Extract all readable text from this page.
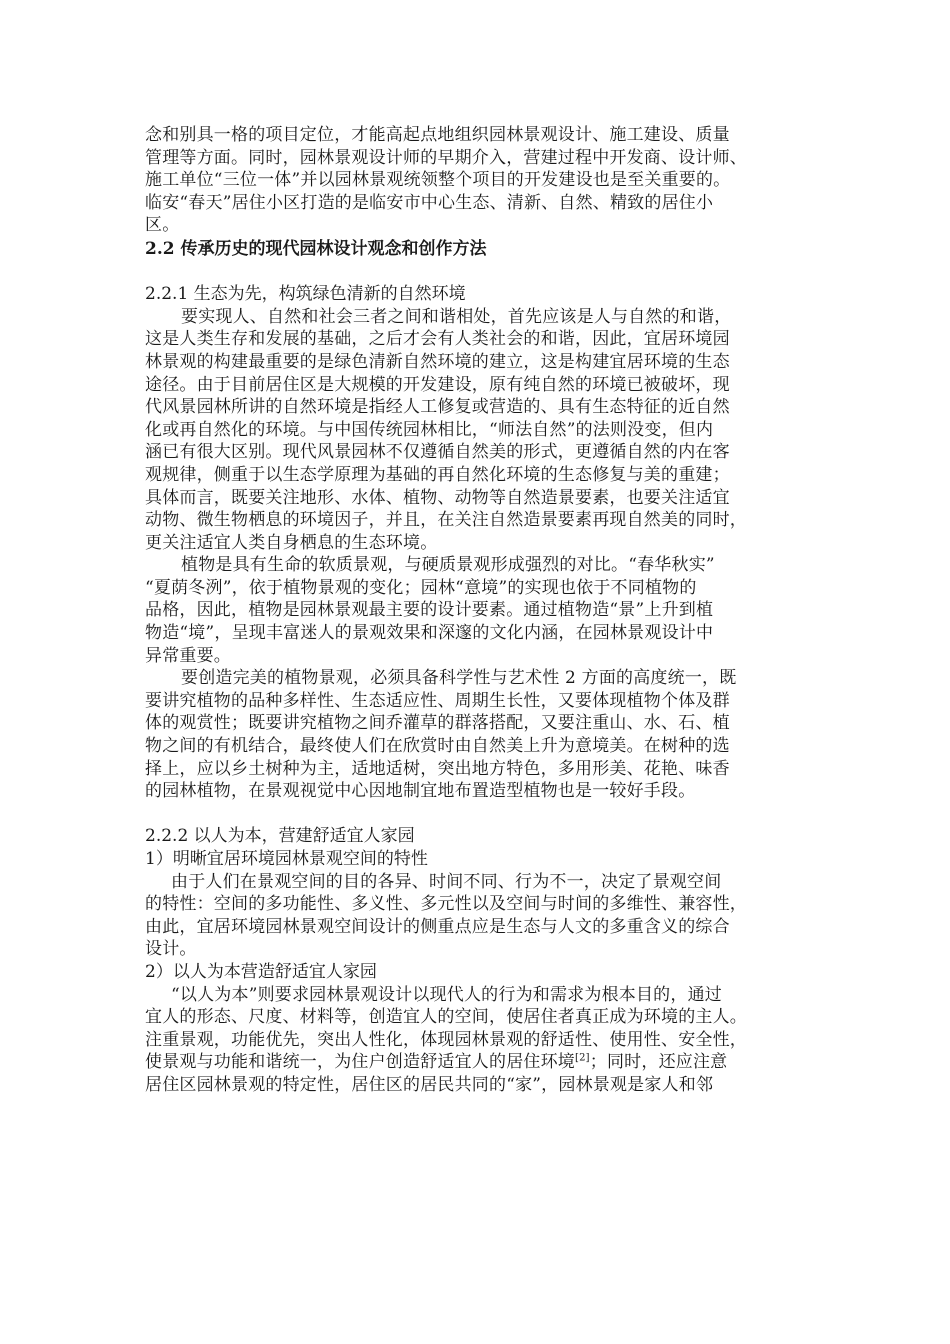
念和别具一格的项目定位，才能高起点地组织园林景观设计、施工建设、质量
管理等方面。同时，园林景观设计师的早期介入，营建过程中开发商、设计师、
施工单位“三位一体”并以园林景观统领整个项目的开发建设也是至关重要的。
临安“春天”居住小区打造的是临安市中心生态、清新、自然、精致的居住小
区。
2.2 传承历史的现代园林设计观念和创作方法
2.2.1 生态为先，构筑绿色清新的自然环境
要实现人、自然和社会三者之间和谐相处，首先应该是人与自然的和谐，
这是人类生存和发展的基础，之后才会有人类社会的和谐，因此，宜居环境园
林景观的构建最重要的是绿色清新自然环境的建立，这是构建宜居环境的生态
途径。由于目前居住区是大规模的开发建设，原有纯自然的环境已被破坏，现
代风景园林所讲的自然环境是指经人工修复或营造的、具有生态特征的近自然
化或再自然化的环境。与中国传统园林相比，“师法自然”的法则没变，但内
涵已有很大区别。现代风景园林不仅遵循自然美的形式，更遵循自然的内在客
观规律，侧重于以生态学原理为基础的再自然化环境的生态修复与美的重建；
具体而言，既要关注地形、水体、植物、动物等自然造景要素，也要关注适宜
动物、微生物栖息的环境因子，并且，在关注自然造景要素再现自然美的同时，
更关注适宜人类自身栖息的生态环境。
植物是具有生命的软质景观，与硬质景观形成强烈的对比。“春华秋实”
“夏荫冬洌”，依于植物景观的变化；园林“意境”的实现也依于不同植物的
品格，因此，植物是园林景观最主要的设计要素。通过植物造“景”上升到植
物造“境”，呈现丰富迷人的景观效果和深邃的文化内涵，在园林景观设计中
异常重要。
要创造完美的植物景观，必须具备科学性与艺术性 2 方面的高度统一，既
要讲究植物的品种多样性、生态适应性、周期生长性，又要体现植物个体及群
体的观赏性；既要讲究植物之间乔灌草的群落搭配，又要注重山、水、石、植
物之间的有机结合，最终使人们在欣赏时由自然美上升为意境美。在树种的选
择上，应以乡土树种为主，适地适树，突出地方特色，多用形美、花艳、味香
的园林植物，在景观视觉中心因地制宜地布置造型植物也是一较好手段。
2.2.2 以人为本，营建舒适宜人家园
1）明晰宜居环境园林景观空间的特性
由于人们在景观空间的目的各异、时间不同、行为不一，决定了景观空间
的特性：空间的多功能性、多义性、多元性以及空间与时间的多维性、兼容性，
由此，宜居环境园林景观空间设计的侧重点应是生态与人文的多重含义的综合
设计。
2）以人为本营造舒适宜人家园
“以人为本”则要求园林景观设计以现代人的行为和需求为根本目的，通过
宜人的形态、尺度、材料等，创造宜人的空间，使居住者真正成为环境的主人。
注重景观，功能优先，突出人性化，体现园林景观的舒适性、使用性、安全性，
使景观与功能和谐统一，为住户创造舒适宜人的居住环境[2]；同时，还应注意
居住区园林景观的特定性，居住区的居民共同的“家”，园林景观是家人和邻
